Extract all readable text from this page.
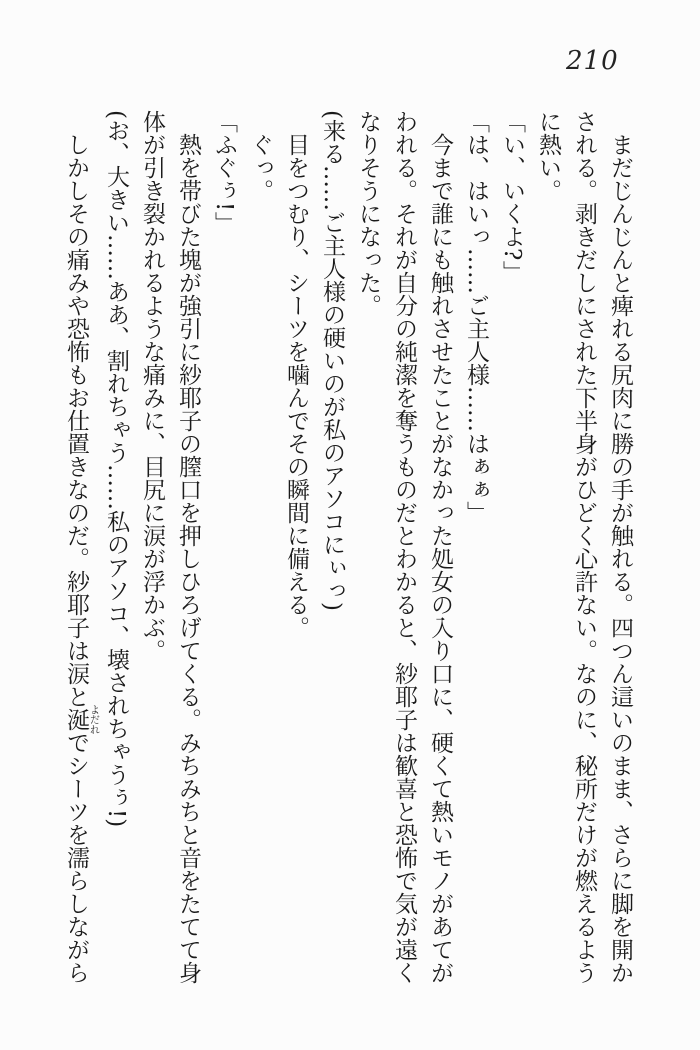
210

まだじんじんと痺れる尻肉に勝の手が触れる。四つん這いのまま、さらに脚を開かされる。剥きだしにされた下半身がひどく心許ない。なのに、秘所だけが燃えるように熱い。

「い、いくよ?」

「は、はいっ……ご主人様……はぁぁ」

今まで誰にも触れさせたことがなかった処女の入り口に、硬くて熱いモノがあてがわれる。それが自分の純潔を奪うものだとわかると、紗耶子は歓喜と恐怖で気が遠くなりそうになった。

(来る……ご主人様の硬いのが私のアソコにぃっ)

目をつむり、シーツを噛んでその瞬間に備える。

ぐっ。

「ふぐぅ!」

熱を帯びた塊が強引に紗耶子の膣口を押しひろげてくる。みちみちと音をたてて身体が引き裂かれるような痛みに、目尻に涙が浮かぶ。

(お、大きい……ああ、割れちゃう……私のアソコ、壊されちゃうぅ!)

しかしその痛みや恐怖もお仕置きなのだ。紗耶子は涙と涎よだれでシーツを濡らしながら
